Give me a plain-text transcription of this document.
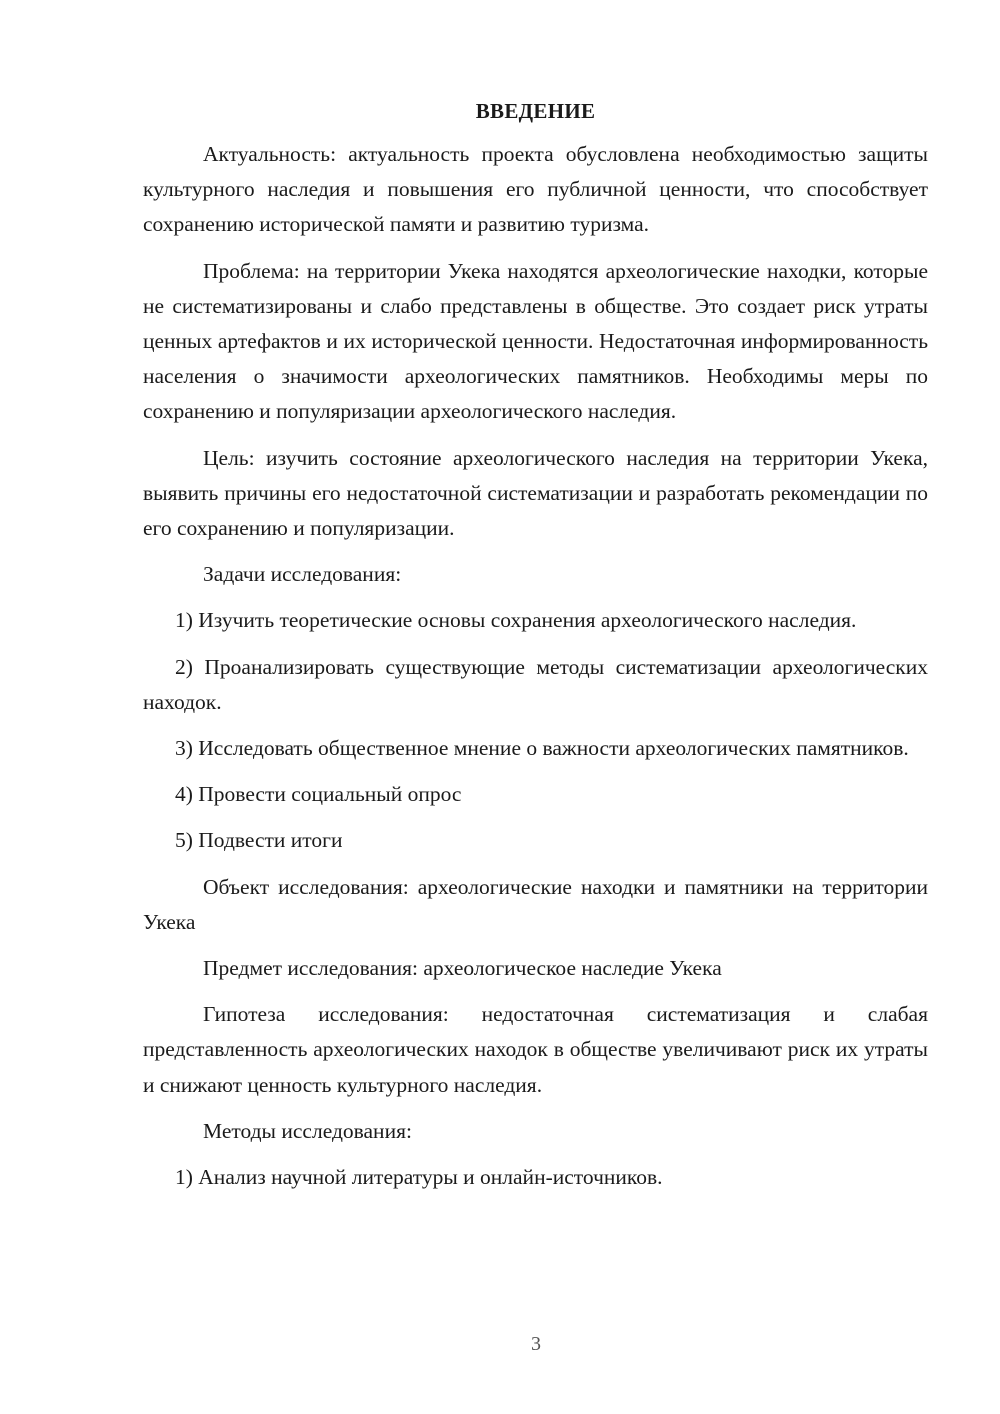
ВВЕДЕНИЕ

Актуальность: актуальность проекта обусловлена необходимостью защиты культурного наследия и повышения его публичной ценности, что способствует сохранению исторической памяти и развитию туризма.

Проблема: на территории Укека находятся археологические находки, которые не систематизированы и слабо представлены в обществе. Это создает риск утраты ценных артефактов и их исторической ценности. Недостаточная информированность населения о значимости археологических памятников. Необходимы меры по сохранению и популяризации археологического наследия.

Цель: изучить состояние археологического наследия на территории Укека, выявить причины его недостаточной систематизации и разработать рекомендации по его сохранению и популяризации.

Задачи исследования:

1) Изучить теоретические основы сохранения археологического наследия.

2) Проанализировать существующие методы систематизации археологических находок.

3) Исследовать общественное мнение о важности археологических памятников.

4) Провести социальный опрос

5) Подвести итоги

Объект исследования: археологические находки и памятники на территории Укека

Предмет исследования: археологическое наследие Укека

Гипотеза исследования: недостаточная систематизация и слабая представленность археологических находок в обществе увеличивают риск их утраты и снижают ценность культурного наследия.

Методы исследования:

1) Анализ научной литературы и онлайн-источников.

3
